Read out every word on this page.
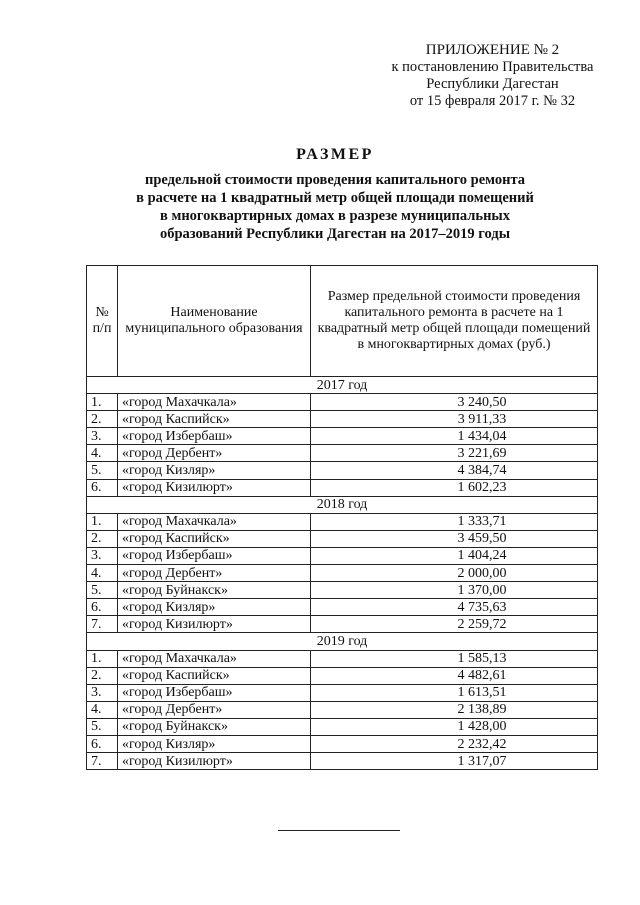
ПРИЛОЖЕНИЕ № 2
к постановлению Правительства
Республики Дагестан
от 15 февраля 2017 г. № 32
РАЗМЕР
предельной стоимости проведения капитального ремонта
в расчете на 1 квадратный метр общей площади помещений
в многоквартирных домах в разрезе муниципальных
образований Республики Дагестан на 2017–2019 годы
№ п/п	Наименование муниципального образования	Размер предельной стоимости проведения капитального ремонта в расчете на 1 квадратный метр общей площади помещений в многоквартирных домах (руб.)
2017 год		
1.	«город Махачкала»	3 240,50
2.	«город Каспийск»	3 911,33
3.	«город Избербаш»	1 434,04
4.	«город Дербент»	3 221,69
5.	«город Кизляр»	4 384,74
6.	«город Кизилюрт»	1 602,23
2018 год		
1.	«город Махачкала»	1 333,71
2.	«город Каспийск»	3 459,50
3.	«город Избербаш»	1 404,24
4.	«город Дербент»	2 000,00
5.	«город Буйнакск»	1 370,00
6.	«город Кизляр»	4 735,63
7.	«город Кизилюрт»	2 259,72
2019 год		
1.	«город Махачкала»	1 585,13
2.	«город Каспийск»	4 482,61
3.	«город Избербаш»	1 613,51
4.	«город Дербент»	2 138,89
5.	«город Буйнакск»	1 428,00
6.	«город Кизляр»	2 232,42
7.	«город Кизилюрт»	1 317,07
